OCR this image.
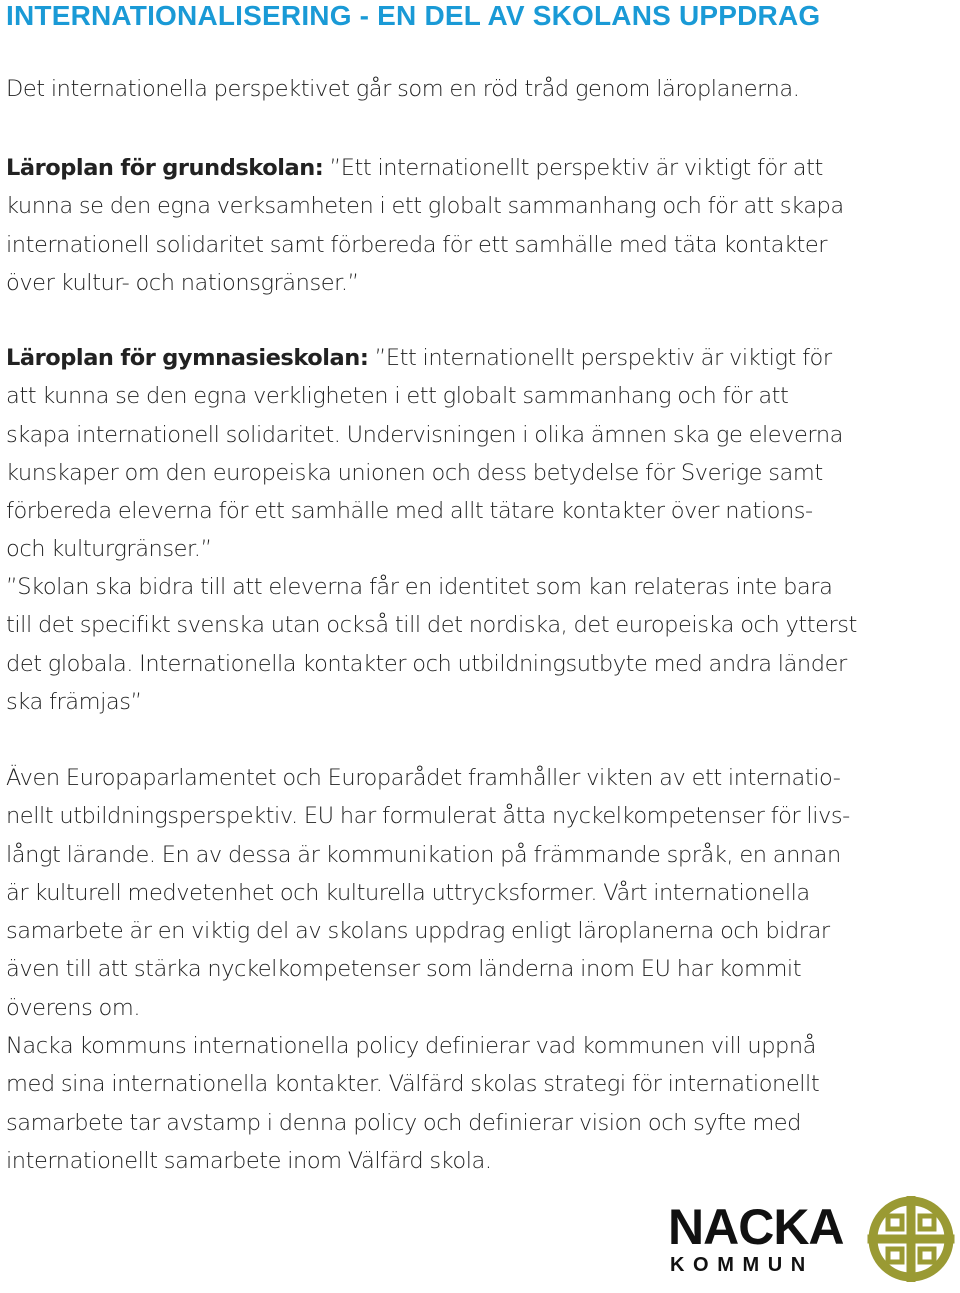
INTERNATIONALISERING - EN DEL AV SKOLANS UPPDRAG
Det internationella perspektivet går som en röd tråd genom läroplanerna.
Läroplan för grundskolan: ”Ett internationellt perspektiv är viktigt för att
kunna se den egna verksamheten i ett globalt sammanhang och för att skapa
internationell solidaritet samt förbereda för ett samhälle med täta kontakter
över kultur- och nationsgränser.”
Läroplan för gymnasieskolan: ”Ett internationellt perspektiv är viktigt för
att kunna se den egna verkligheten i ett globalt sammanhang och för att
skapa internationell solidaritet. Undervisningen i olika ämnen ska ge eleverna
kunskaper om den europeiska unionen och dess betydelse för Sverige samt
förbereda eleverna för ett samhälle med allt tätare kontakter över nations-
och kulturgränser.”
”Skolan ska bidra till att eleverna får en identitet som kan relateras inte bara
till det specifikt svenska utan också till det nordiska, det europeiska och ytterst
det globala. Internationella kontakter och utbildningsutbyte med andra länder
ska främjas”
Även Europaparlamentet och Europarådet framhåller vikten av ett internatio-
nellt utbildningsperspektiv. EU har formulerat åtta nyckelkompetenser för livs-
långt lärande. En av dessa är kommunikation på främmande språk, en annan
är kulturell medvetenhet och kulturella uttrycksformer. Vårt internationella
samarbete är en viktig del av skolans uppdrag enligt läroplanerna och bidrar
även till att stärka nyckelkompetenser som länderna inom EU har kommit
överens om.
Nacka kommuns internationella policy definierar vad kommunen vill uppnå
med sina internationella kontakter. Välfärd skolas strategi för internationellt
samarbete tar avstamp i denna policy och definierar vision och syfte med
internationellt samarbete inom Välfärd skola.
NACKA
KOMMUN
